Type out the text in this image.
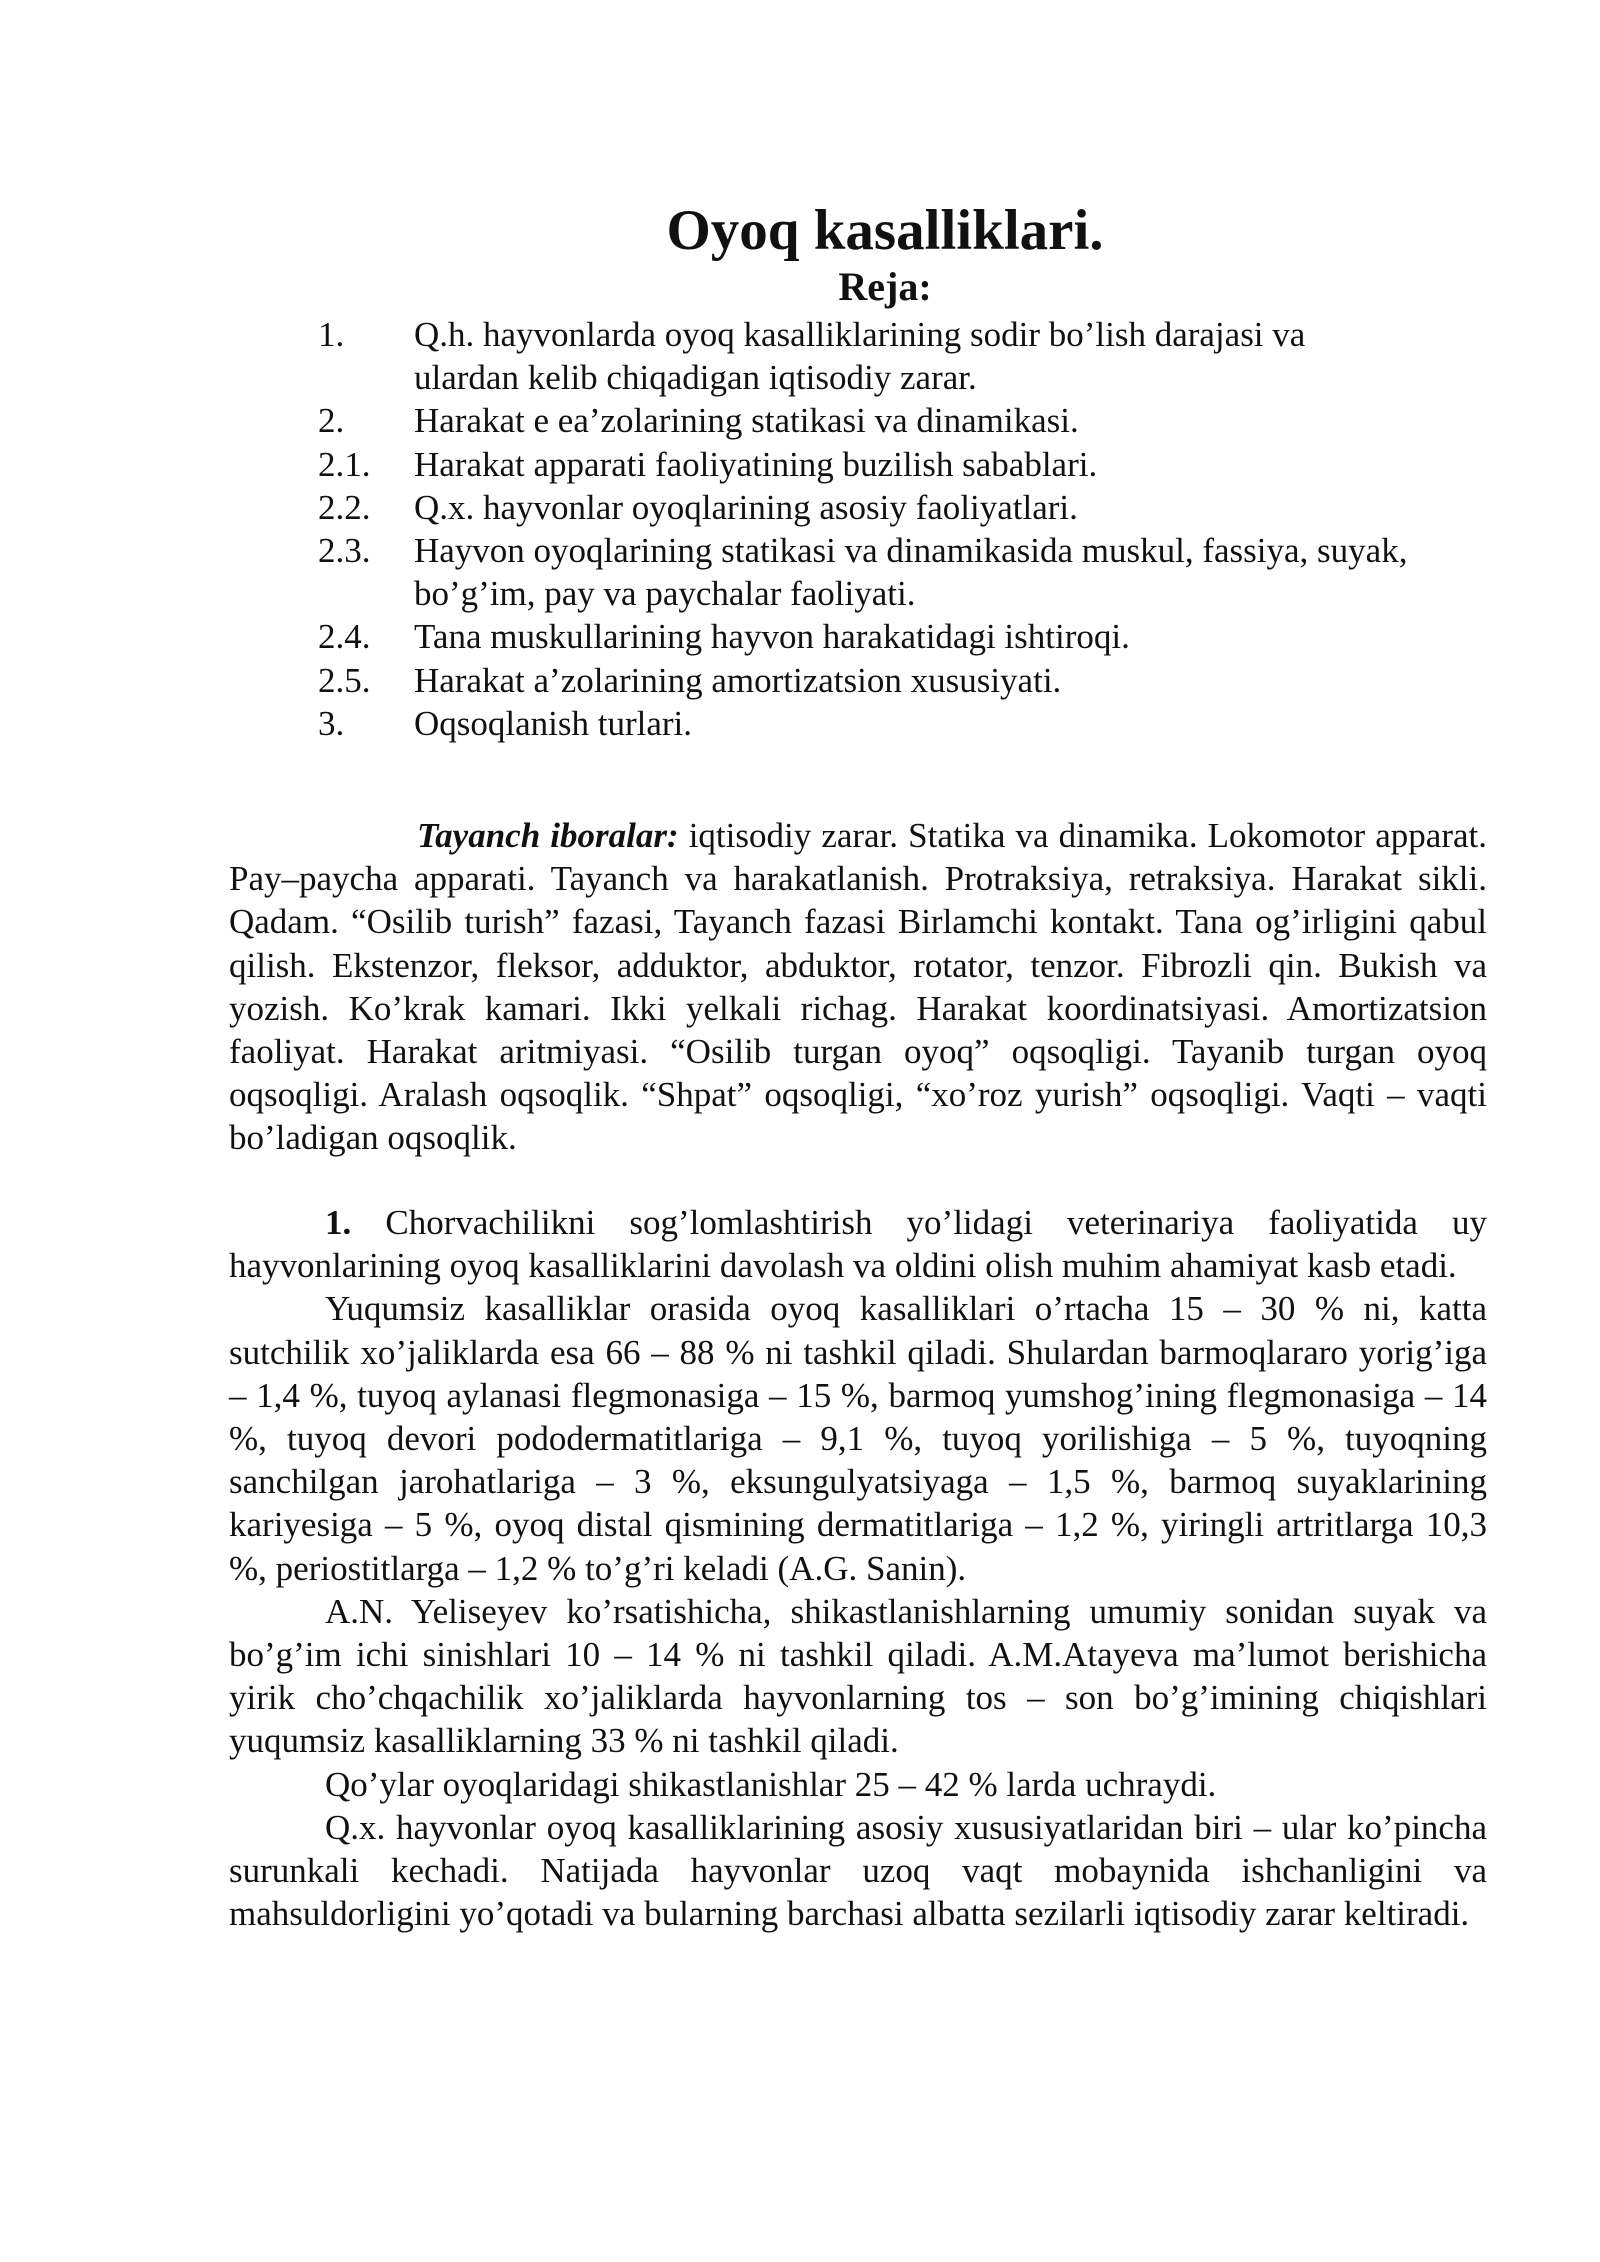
Oyoq kasalliklari.
Reja:
1.	Q.h. hayvonlarda oyoq kasalliklarining sodir bo’lish darajasi va ulardan kelib chiqadigan iqtisodiy zarar.
2.	Harakat e ea’zolarining statikasi va dinamikasi.
2.1.	Harakat apparati faoliyatining buzilish sabablari.
2.2.	Q.x. hayvonlar oyoqlarining asosiy faoliyatlari.
2.3.	Hayvon oyoqlarining statikasi va dinamikasida muskul, fassiya, suyak, bo’g’im, pay va paychalar faoliyati.
2.4.	Tana muskullarining hayvon harakatidagi ishtiroqi.
2.5.	Harakat a’zolarining amortizatsion xususiyati.
3.	Oqsoqlanish turlari.

Tayanch iboralar: iqtisodiy zarar. Statika va dinamika. Lokomotor apparat. Pay–paycha apparati. Tayanch va harakatlanish. Protraksiya, retraksiya. Harakat sikli. Qadam. “Osilib turish” fazasi, Tayanch fazasi Birlamchi kontakt. Tana og’irligini qabul qilish. Ekstenzor, fleksor, adduktor, abduktor, rotator, tenzor. Fibrozli qin. Bukish va yozish. Ko’krak kamari. Ikki yelkali richag. Harakat koordinatsiyasi. Amortizatsion faoliyat. Harakat aritmiyasi. “Osilib turgan oyoq” oqsoqligi. Tayanib turgan oyoq oqsoqligi. Aralash oqsoqlik. “Shpat” oqsoqligi, “xo’roz yurish” oqsoqligi. Vaqti – vaqti bo’ladigan oqsoqlik.

1. Chorvachilikni sog’lomlashtirish yo’lidagi veterinariya faoliyatida uy hayvonlarining oyoq kasalliklarini davolash va oldini olish muhim ahamiyat kasb etadi.

Yuqumsiz kasalliklar orasida oyoq kasalliklari o’rtacha 15 – 30 % ni, katta sutchilik xo’jaliklarda esa 66 – 88 % ni tashkil qiladi. Shulardan barmoqlararo yorig’iga – 1,4 %, tuyoq aylanasi flegmonasiga – 15 %, barmoq yumshog’ining flegmonasiga – 14 %, tuyoq devori pododermatitlariga – 9,1 %, tuyoq yorilishiga – 5 %, tuyoqning sanchilgan jarohatlariga – 3 %, eksungulyatsiyaga – 1,5 %, barmoq suyaklarining kariyesiga – 5 %, oyoq distal qismining dermatitlariga – 1,2 %, yiringli artritlarga 10,3 %, periostitlarga – 1,2 % to’g’ri keladi (A.G. Sanin).

A.N. Yeliseyev ko’rsatishicha, shikastlanishlarning umumiy sonidan suyak va bo’g’im ichi sinishlari 10 – 14 % ni tashkil qiladi. A.M.Atayeva ma’lumot berishicha yirik cho’chqachilik xo’jaliklarda hayvonlarning tos – son bo’g’imining chiqishlari yuqumsiz kasalliklarning 33 % ni tashkil qiladi.

Qo’ylar oyoqlaridagi shikastlanishlar 25 – 42 % larda uchraydi.

Q.x. hayvonlar oyoq kasalliklarining asosiy xususiyatlaridan biri – ular ko’pincha surunkali kechadi. Natijada hayvonlar uzoq vaqt mobaynida ishchanligini va mahsuldorligini yo’qotadi va bularning barchasi albatta sezilarli iqtisodiy zarar keltiradi.
